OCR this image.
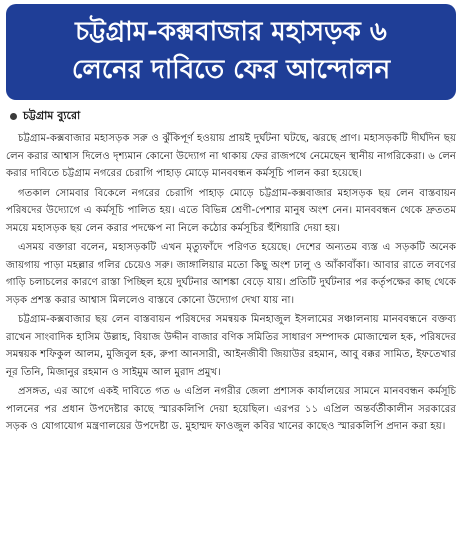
চট্টগ্রাম-কক্সবাজার মহাসড়ক ৬
লেনের দাবিতে ফের আন্দোলন
চট্টগ্রাম ব্যুরো

চট্টগ্রাম-কক্সবাজার মহাসড়ক সরু ও ঝুঁকিপূর্ণ হওয়ায় প্রায়ই দুর্ঘটনা ঘটছে, ঝরছে প্রাণ। মহাসড়কটি দীর্ঘদিন ছয় লেন করার আশ্বাস দিলেও দৃশ্যমান কোনো উদ্যোগ না থাকায় ফের রাজপথে নেমেছেন স্থানীয় নাগরিকেরা। ৬ লেন করার দাবিতে চট্টগ্রাম নগরের চেরাগি পাহাড় মোড়ে মানববন্ধন কর্মসূচি পালন করা হয়েছে।

গতকাল সোমবার বিকেলে নগরের চেরাগি পাহাড় মোড়ে চট্টগ্রাম-কক্সবাজার মহাসড়ক ছয় লেন বাস্তবায়ন পরিষদের উদ্যোগে এ কর্মসূচি পালিত হয়। এতে বিভিন্ন শ্রেণী-পেশার মানুষ অংশ নেন। মানববন্ধন থেকে দ্রুততম সময়ে মহাসড়ক ছয় লেন করার পদক্ষেপ না নিলে কঠোর কর্মসূচির হুঁশিয়ারি দেয়া হয়।

এসময় বক্তারা বলেন, মহাসড়কটি এখন মৃত্যুফাঁদে পরিণত হয়েছে। দেশের অন্যতম ব্যস্ত এ সড়কটি অনেক জায়গায় পাড়া মহল্লার গলির চেয়েও সরু। জাঙ্গালিয়ার মতো কিছু অংশ ঢালু ও আঁকাবাঁকা। আবার রাতে লবণের গাড়ি চলাচলের কারণে রাস্তা পিচ্ছিল হয়ে দুর্ঘটনার আশঙ্কা বেড়ে যায়। প্রতিটি দুর্ঘটনার পর কর্তৃপক্ষের কাছ থেকে সড়ক প্রশস্ত করার আশ্বাস মিললেও বাস্তবে কোনো উদ্যোগ দেখা যায় না।

চট্টগ্রাম-কক্সবাজার ছয় লেন বাস্তবায়ন পরিষদের সমন্বয়ক মিনহাজুল ইসলামের সঞ্চালনায় মানববন্ধনে বক্তব্য রাখেন সাংবাদিক হাসিম উল্লাহ, বিয়াজ উদ্দীন বাজার বণিক সমিতির সাধারণ সম্পাদক মোজাম্মেল হক, পরিষদের সমন্বয়ক শফিকুল আলম, মুজিবুল হক, রুপা আনসারী, আইনজীবী জিয়াউর রহমান, আবু বক্কর সামিত, ইফতেখার নূর তিনি, মিজানুর রহমান ও সাইমুম আল মুরাদ প্রমুখ।

প্রসঙ্গত, এর আগে একই দাবিতে গত ৬ এপ্রিল নগরীর জেলা প্রশাসক কার্যালয়ের সামনে মানববন্ধন কর্মসূচি পালনের পর প্রধান উপদেষ্টার কাছে স্মারকলিপি দেয়া হয়েছিল। এরপর ১১ এপ্রিল অন্তর্বর্তীকালীন সরকারের সড়ক ও যোগাযোগ মন্ত্রণালয়ের উপদেষ্টা ড. মুহাম্মদ ফাওজুল কবির খানের কাছেও স্মারকলিপি প্রদান করা হয়।
